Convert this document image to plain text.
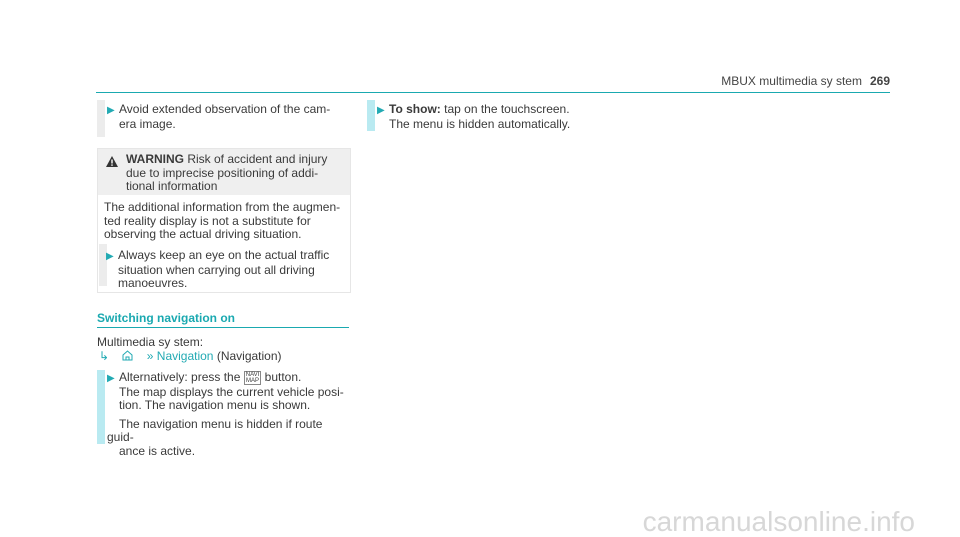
MBUX multimedia sy stem 269
▶ Avoid extended observation of the cam-
era image.
WARNING Risk of accident and injury
due to imprecise positioning of addi-
tional information
The additional information from the augmen-
ted reality display is not a substitute for
observing the actual driving situation.
▶ Always keep an eye on the actual traffic
situation when carrying out all driving
manoeuvres.
Switching navigation on
Multimedia sy stem:
↳	» Navigation (Navigation)
▶ Alternatively: press the NAVI
MAP button.
The map displays the current vehicle posi-
tion. The navigation menu is shown.

The navigation menu is hidden if route guid-
ance is active.
▶ To show: tap on the touchscreen.
The menu is hidden automatically.
carmanualsonline.info
